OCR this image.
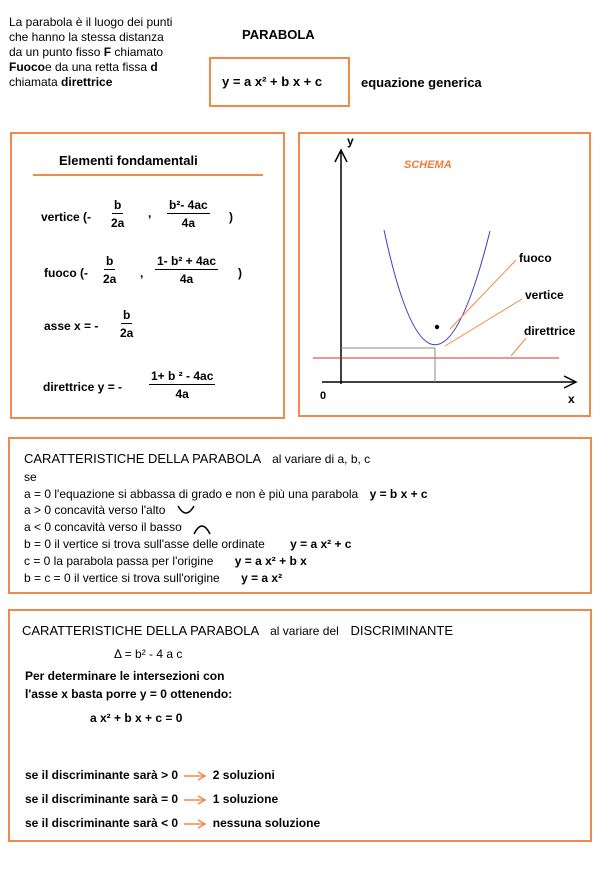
La parabola è il luogo dei punti
che hanno la stessa distanza
da un punto fisso F chiamato
Fuocoe da una retta fissa d
chiamata direttrice
PARABOLA
y = a x² + b x + c	equazione generica
Elementi fondamentali
vertice (- $\frac{b}{2a}$ , $\frac{\text{b²- 4ac}}{4a}$ )
fuoco (- $\frac{b}{2a}$ , $\frac{\text{1- b² + 4ac}}{4a}$ )
asse x = - $\frac{b}{2a}$
direttrice y = - $\frac{\text{1+ b ² - 4ac}}{4a}$
SCHEMA
y
x
0
fuoco
vertice
direttrice
CARATTERISTICHE DELLA PARABOLA al variare di a, b, c
se
a = 0 l'equazione si abbassa di grado e non è più una parabola y = b x + c
a > 0 concavità verso l'alto
a < 0 concavità verso il basso
b = 0 il vertice si trova sull'asse delle ordinate y = a x² + c
c = 0 la parabola passa per l'origine y = a x² + b x
b = c = 0 il vertice si trova sull'origine y = a x²
CARATTERISTICHE DELLA PARABOLA al variare del DISCRIMINANTE
Δ = b² - 4 a c
Per determinare le intersezioni con
l'asse x basta porre y = 0 ottenendo:
a x² + b x + c = 0
se il discriminante sarà > 0	2 soluzioni
se il discriminante sarà = 0	1 soluzione
se il discriminante sarà < 0	nessuna soluzione
